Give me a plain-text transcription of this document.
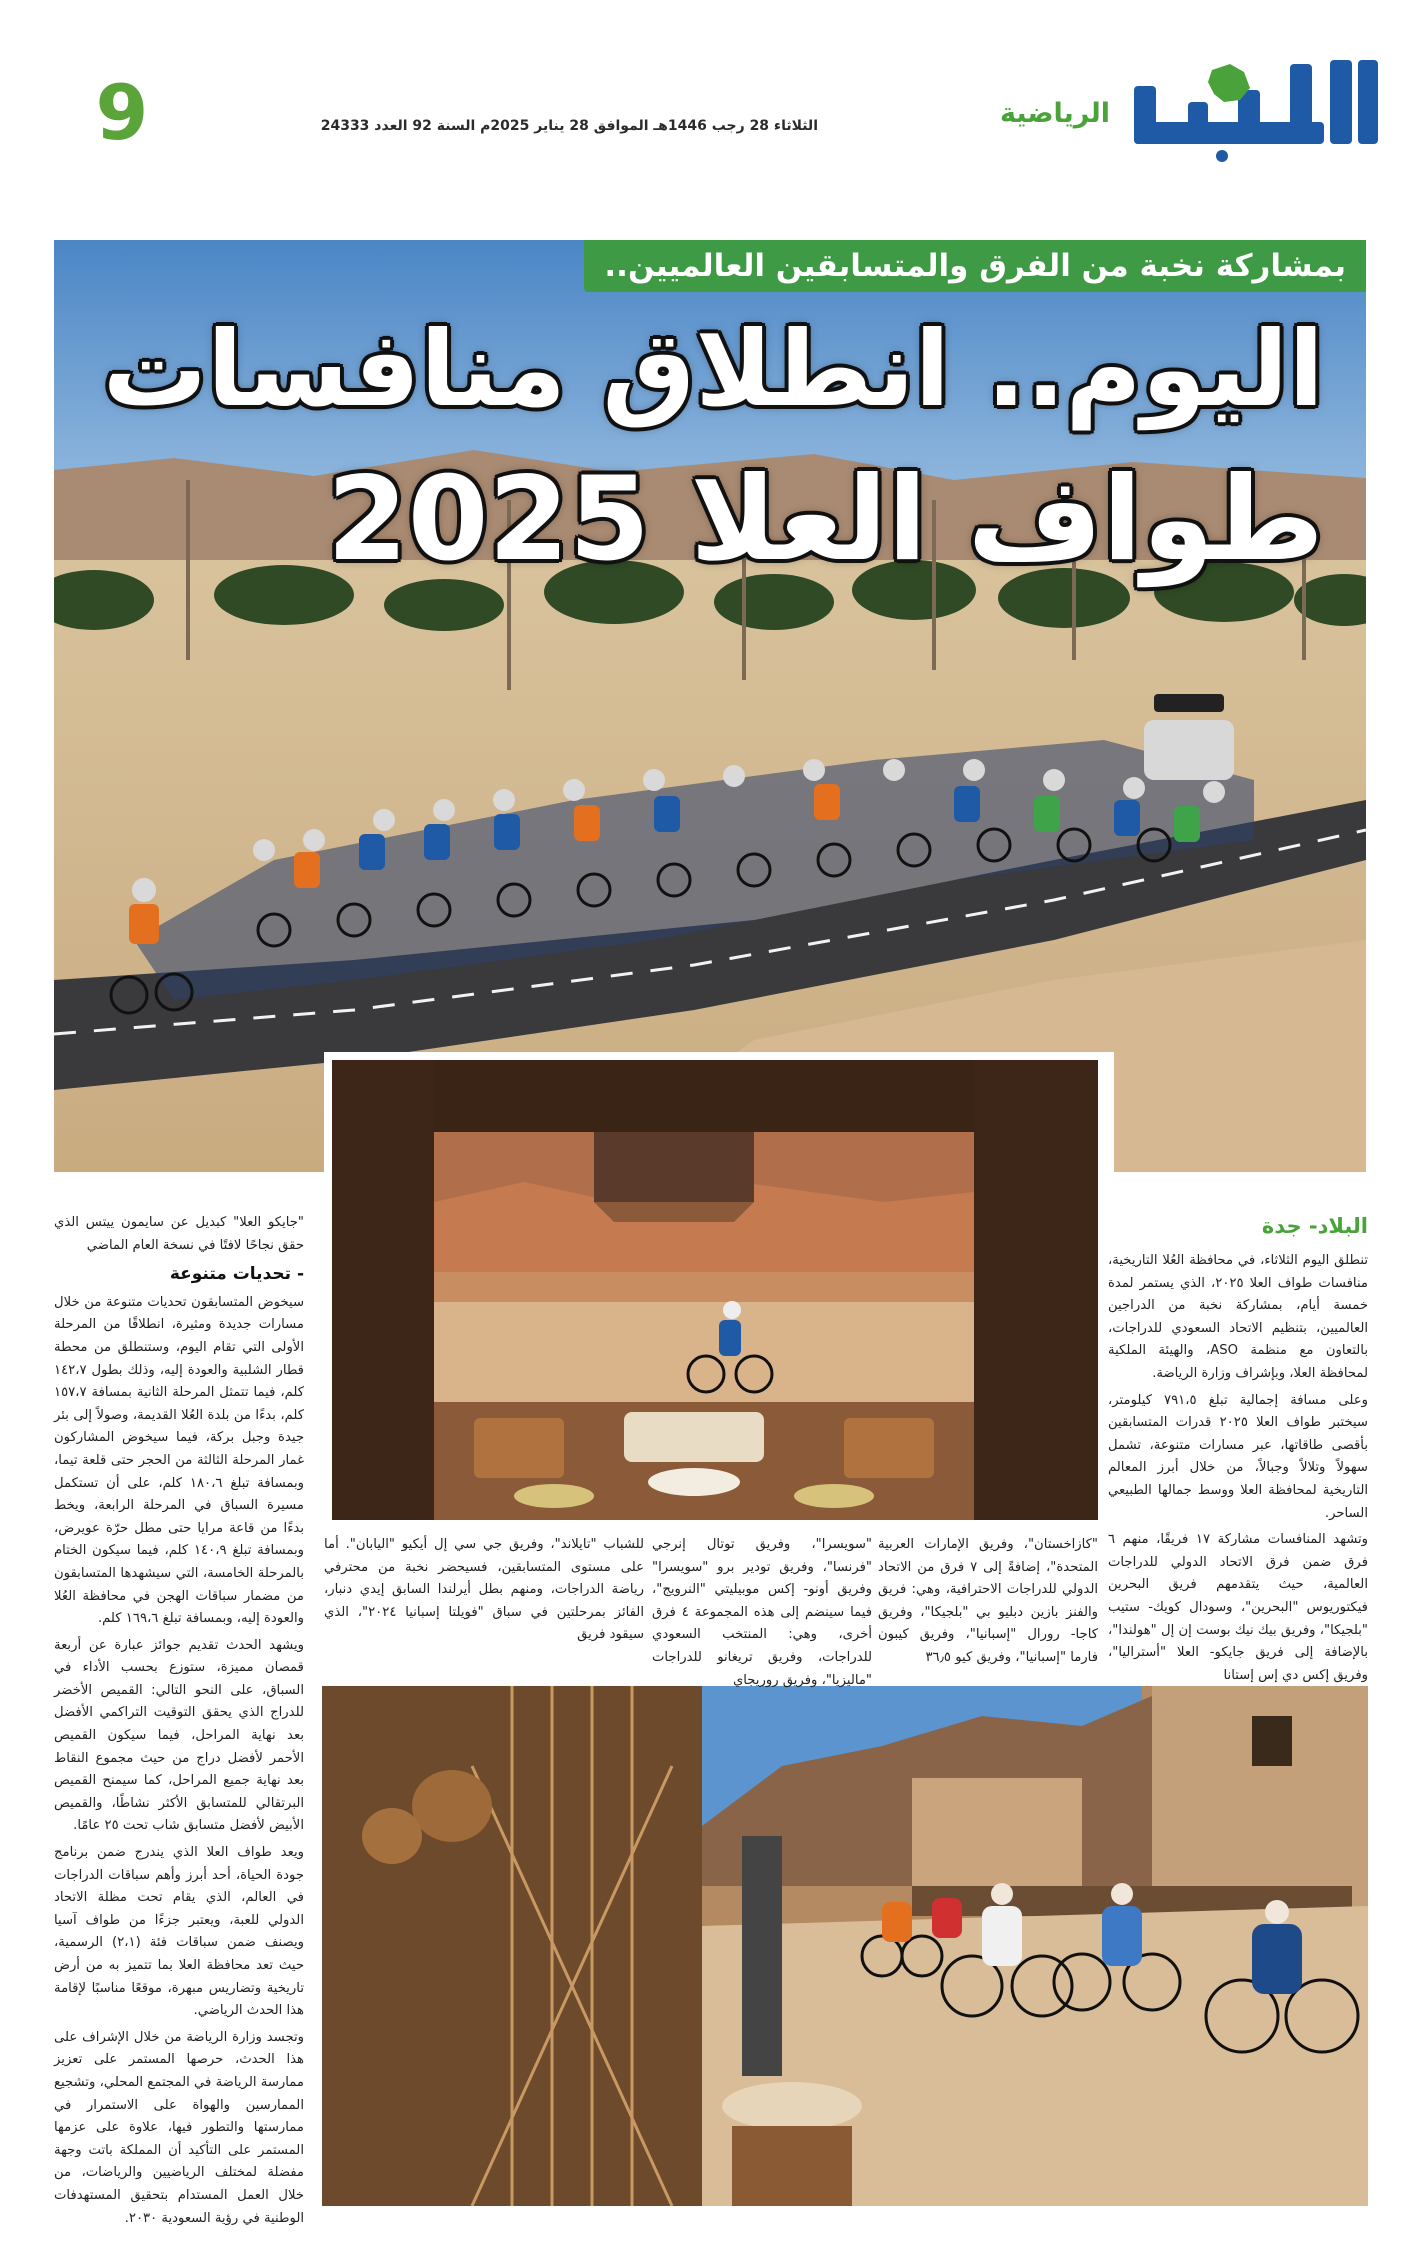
9	الثلاثاء 28 رجب 1446هـ الموافق 28 يناير 2025م السنة 92 العدد 24333	الرياضية
بمشاركة نخبة من الفرق والمتسابقين العالميين..
اليوم.. انطلاق منافسات
طواف العلا 2025
البلاد- جدة

تنطلق اليوم الثلاثاء، في محافظة العُلا التاريخية، منافسات طواف العلا ٢٠٢٥، الذي يستمر لمدة خمسة أيام، بمشاركة نخبة من الدراجين العالميين، بتنظيم الاتحاد السعودي للدراجات، بالتعاون مع منظمة ASO، والهيئة الملكية لمحافظة العلا، وبإشراف وزارة الرياضة.

وعلى مسافة إجمالية تبلغ ٧٩١،٥ كيلومتر، سيختبر طواف العلا ٢٠٢٥ قدرات المتسابقين بأقصى طاقاتها، عبر مسارات متنوعة، تشمل سهولاً وتلالاً وجبالاً، من خلال أبرز المعالم التاريخية لمحافظة العلا ووسط جمالها الطبيعي الساحر.

وتشهد المنافسات مشاركة ١٧ فريقًا، منهم ٦ فرق ضمن فرق الاتحاد الدولي للدراجات العالمية، حيث يتقدمهم فريق البحرين فيكتوريوس "البحرين"، وسودال كويك- ستيب "بلجيكا"، وفريق بيك نيك بوست إن إل "هولندا"، بالإضافة إلى فريق جايكو- العلا "أستراليا"، وفريق إكس دي إس إستانا

"كازاخستان"، وفريق الإمارات العربية المتحدة"، إضافةً إلى ٧ فرق من الاتحاد الدولي للدراجات الاحترافية، وهي: فريق والفنز بازين دبليو بي "بلجيكا"، وفريق كاجا- رورال "إسبانيا"، وفريق كيبون فارما "إسبانيا"، وفريق كيو ٣٦٫٥

"سويسرا"، وفريق توتال إنرجي "فرنسا"، وفريق تودير برو "سويسرا" وفريق أونو- إكس موبيليتي "النرويج"، فيما سينضم إلى هذه المجموعة ٤ فرق أخرى، وهي: المنتخب السعودي للدراجات، وفريق تريغانو للدراجات "ماليزيا"، وفريق روريجاي

للشباب "تايلاند"، وفريق جي سي إل أيكيو "اليابان". أما على مستوى المتسابقين، فسيحضر نخبة من محترفي رياضة الدراجات، ومنهم بطل أيرلندا السابق إيدي دنبار، الفائز بمرحلتين في سباق "فويلتا إسبانيا ٢٠٢٤"، الذي سيقود فريق

"جايكو العلا" كبديل عن سايمون ييتس الذي حقق نجاحًا لافتًا في نسخة العام الماضي

- تحديات متنوعة

سيخوض المتسابقون تحديات متنوعة من خلال مسارات جديدة ومثيرة، انطلاقًا من المرحلة الأولى التي تقام اليوم، وستنطلق من محطة قطار الشلبية والعودة إليه، وذلك بطول ١٤٢،٧ كلم، فيما تتمثل المرحلة الثانية بمسافة ١٥٧،٧ كلم، بدءًا من بلدة العُلا القديمة، وصولاً إلى بئر جيدة وجبل بركة، فيما سيخوض المشاركون غمار المرحلة الثالثة من الحجر حتى قلعة تيما، وبمسافة تبلغ ١٨٠،٦ كلم، على أن تستكمل مسيرة السباق في المرحلة الرابعة، ويخط بدءًا من قاعة مرايا حتى مطل حرّة عويرض، وبمسافة تبلغ ١٤٠،٩ كلم، فيما سيكون الختام بالمرحلة الخامسة، التي سيشهدها المتسابقون من مضمار سباقات الهجن في محافظة العُلا والعودة إليه، وبمسافة تبلغ ١٦٩،٦ كلم.

ويشهد الحدث تقديم جوائز عبارة عن أربعة قمصان مميزة، ستوزع بحسب الأداء في السباق، على النحو التالي: القميص الأخضر للدراج الذي يحقق التوقيت التراكمي الأفضل بعد نهاية المراحل، فيما سيكون القميص الأحمر لأفضل دراج من حيث مجموع النقاط بعد نهاية جميع المراحل، كما سيمنح القميص البرتقالي للمتسابق الأكثر نشاطًا، والقميص الأبيض لأفضل متسابق شاب تحت ٢٥ عامًا.

ويعد طواف العلا الذي يندرج ضمن برنامج جودة الحياة، أحد أبرز وأهم سباقات الدراجات في العالم، الذي يقام تحت مظلة الاتحاد الدولي للعبة، ويعتبر جزءًا من طواف آسيا ويصنف ضمن سباقات فئة (٢،١) الرسمية، حيث تعد محافظة العلا بما تتميز به من أرض تاريخية وتضاريس مبهرة، موقعًا مناسبًا لإقامة هذا الحدث الرياضي.

وتجسد وزارة الرياضة من خلال الإشراف على هذا الحدث، حرصها المستمر على تعزيز ممارسة الرياضة في المجتمع المحلي، وتشجيع الممارسين والهواة على الاستمرار في ممارستها والتطور فيها، علاوة على عزمها المستمر على التأكيد أن المملكة باتت وجهة مفضلة لمختلف الرياضيين والرياضات، من خلال العمل المستدام بتحقيق المستهدفات الوطنية في رؤية السعودية ٢٠٣٠.
